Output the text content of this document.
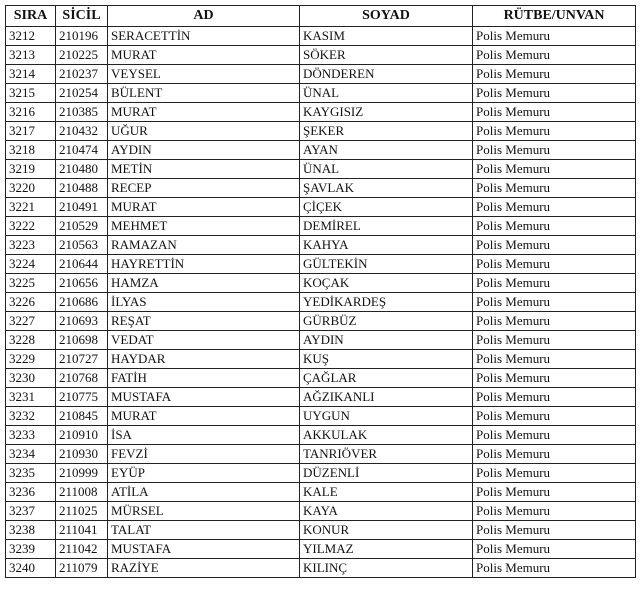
SIRA	SİCİL	AD	SOYAD	RÜTBE/UNVAN
3212	210196	SERACETTİN	KASIM	Polis Memuru
3213	210225	MURAT	SÖKER	Polis Memuru
3214	210237	VEYSEL	DÖNDEREN	Polis Memuru
3215	210254	BÜLENT	ÜNAL	Polis Memuru
3216	210385	MURAT	KAYGISIZ	Polis Memuru
3217	210432	UĞUR	ŞEKER	Polis Memuru
3218	210474	AYDIN	AYAN	Polis Memuru
3219	210480	METİN	ÜNAL	Polis Memuru
3220	210488	RECEP	ŞAVLAK	Polis Memuru
3221	210491	MURAT	ÇİÇEK	Polis Memuru
3222	210529	MEHMET	DEMİREL	Polis Memuru
3223	210563	RAMAZAN	KAHYA	Polis Memuru
3224	210644	HAYRETTİN	GÜLTEKİN	Polis Memuru
3225	210656	HAMZA	KOÇAK	Polis Memuru
3226	210686	İLYAS	YEDİKARDEŞ	Polis Memuru
3227	210693	REŞAT	GÜRBÜZ	Polis Memuru
3228	210698	VEDAT	AYDIN	Polis Memuru
3229	210727	HAYDAR	KUŞ	Polis Memuru
3230	210768	FATİH	ÇAĞLAR	Polis Memuru
3231	210775	MUSTAFA	AĞZIKANLI	Polis Memuru
3232	210845	MURAT	UYGUN	Polis Memuru
3233	210910	İSA	AKKULAK	Polis Memuru
3234	210930	FEVZİ	TANRIÖVER	Polis Memuru
3235	210999	EYÜP	DÜZENLİ	Polis Memuru
3236	211008	ATİLA	KALE	Polis Memuru
3237	211025	MÜRSEL	KAYA	Polis Memuru
3238	211041	TALAT	KONUR	Polis Memuru
3239	211042	MUSTAFA	YILMAZ	Polis Memuru
3240	211079	RAZİYE	KILINÇ	Polis Memuru
